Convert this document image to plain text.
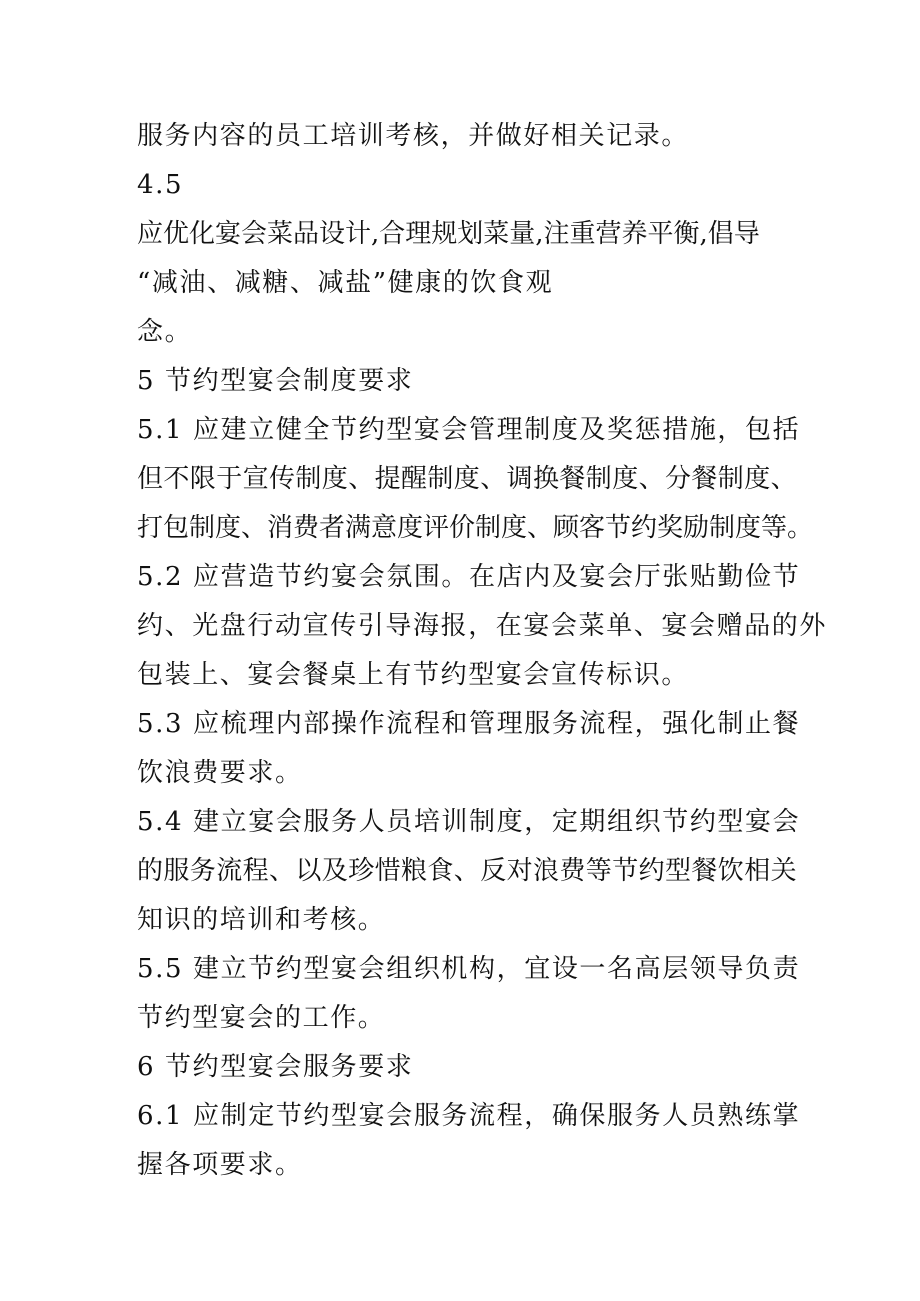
服务内容的员工培训考核，并做好相关记录。

4.5

应优化宴会菜品设计,合理规划菜量,注重营养平衡,倡导

“减油、减糖、减盐”健康的饮食观

念。

5 节约型宴会制度要求

5.1 应建立健全节约型宴会管理制度及奖惩措施，包括

但不限于宣传制度、提醒制度、调换餐制度、分餐制度、

打包制度、消费者满意度评价制度、顾客节约奖励制度等。

5.2 应营造节约宴会氛围。在店内及宴会厅张贴勤俭节

约、光盘行动宣传引导海报，在宴会菜单、宴会赠品的外

包装上、宴会餐桌上有节约型宴会宣传标识。

5.3 应梳理内部操作流程和管理服务流程，强化制止餐

饮浪费要求。

5.4 建立宴会服务人员培训制度，定期组织节约型宴会

的服务流程、以及珍惜粮食、反对浪费等节约型餐饮相关

知识的培训和考核。

5.5 建立节约型宴会组织机构，宜设一名高层领导负责

节约型宴会的工作。

6 节约型宴会服务要求

6.1 应制定节约型宴会服务流程，确保服务人员熟练掌

握各项要求。
